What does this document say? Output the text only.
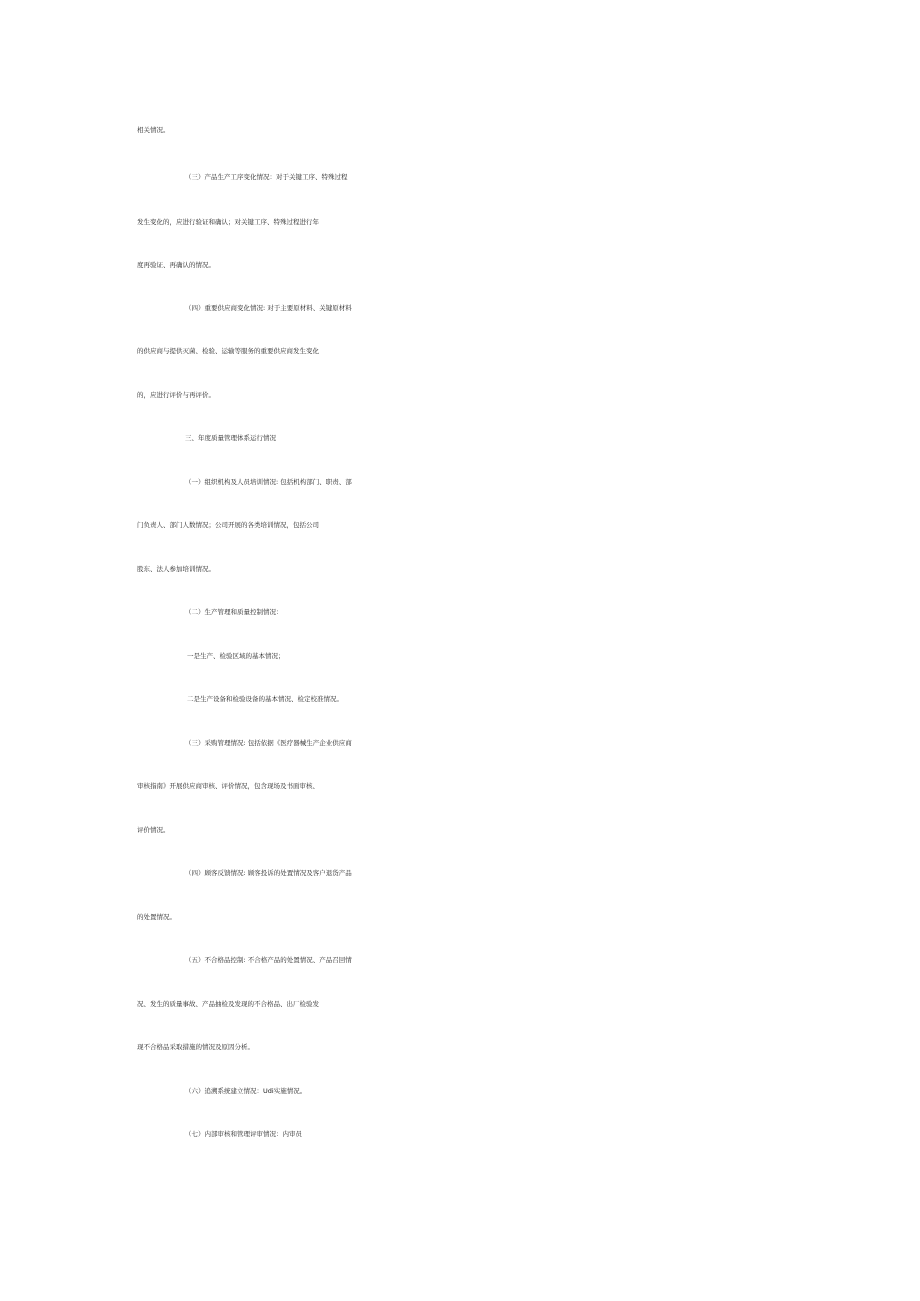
相关情况。
（三）产品生产工序变化情况：对于关键工序、特殊过程
发生变化的，应进行验证和确认；对关键工序、特殊过程进行年
度再验证、再确认的情况。
（四）重要供应商变化情况: 对于主要原材料、关键原材料
的供应商与提供灭菌、检验、运输等服务的重要供应商发生变化
的，应进行评价与再评价。
三、年度质量管理体系运行情况
（一）组织机构及人员培训情况: 包括机构部门、职责、部
门负责人、部门人数情况；公司开展的各类培训情况，包括公司
股东、法人参加培训情况。
（二）生产管理和质量控制情况：
一是生产、检验区域的基本情况；
二是生产设备和检验设备的基本情况、检定校准情况。
（三）采购管理情况: 包括依据《医疗器械生产企业供应商
审核指南》开展供应商审核、评价情况，包含现场及书面审核、
评价情况。
（四）顾客反馈情况: 顾客投诉的处置情况及客户退货产品
的处置情况。
（五）不合格品控制: 不合格产品的处置情况、产品召回情
况、发生的质量事故、产品抽检及发现的不合格品、出厂检验发
现不合格品采取措施的情况及原因分析。
（六）追溯系统建立情况：Udi实施情况。
（七）内部审核和管理评审情况：内审员
